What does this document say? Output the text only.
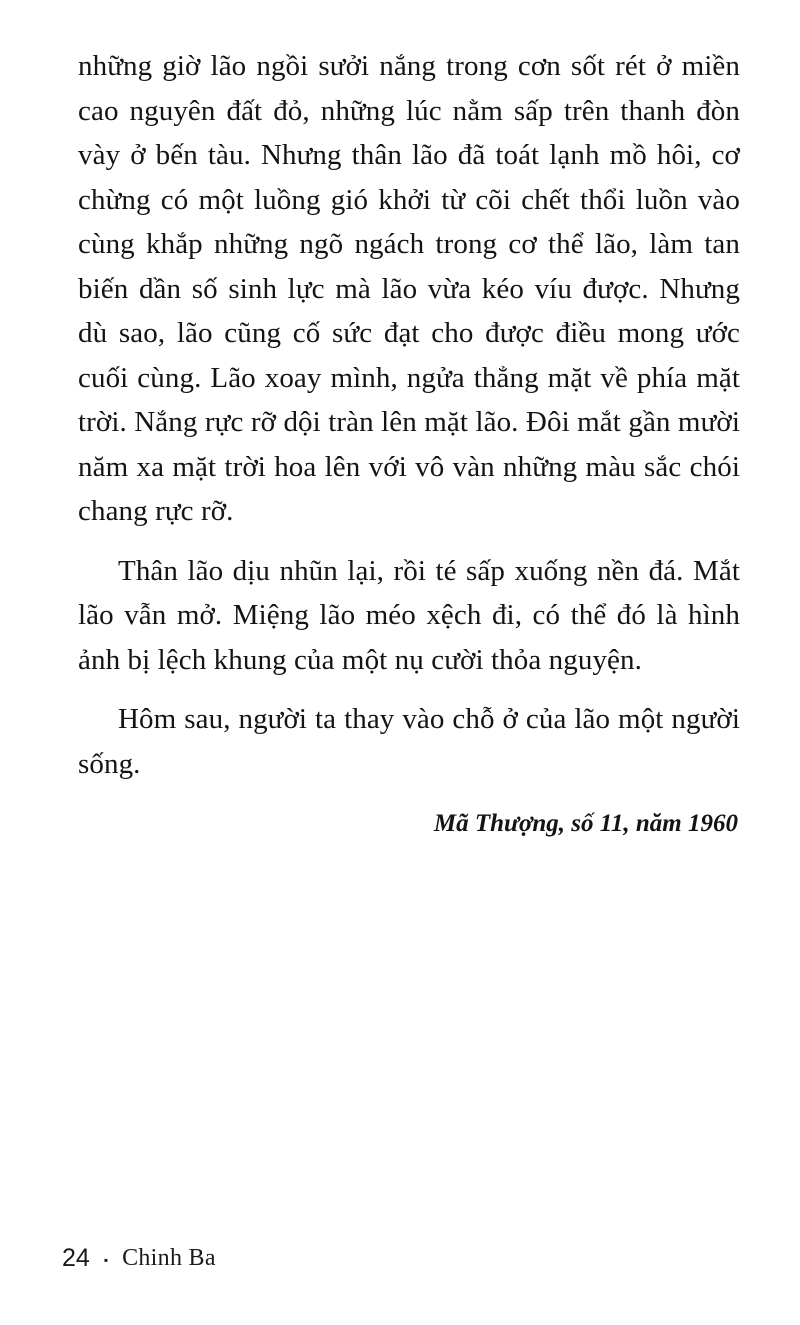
những giờ lão ngồi sưởi nắng trong cơn sốt rét ở miền cao nguyên đất đỏ, những lúc nằm sấp trên thanh đòn vày ở bến tàu. Nhưng thân lão đã toát lạnh mồ hôi, cơ chừng có một luồng gió khởi từ cõi chết thổi luồn vào cùng khắp những ngõ ngách trong cơ thể lão, làm tan biến dần số sinh lực mà lão vừa kéo víu được. Nhưng dù sao, lão cũng cố sức đạt cho được điều mong ước cuối cùng. Lão xoay mình, ngửa thẳng mặt về phía mặt trời. Nắng rực rỡ dội tràn lên mặt lão. Đôi mắt gần mười năm xa mặt trời hoa lên với vô vàn những màu sắc chói chang rực rỡ.

Thân lão dịu nhũn lại, rồi té sấp xuống nền đá. Mắt lão vẫn mở. Miệng lão méo xệch đi, có thể đó là hình ảnh bị lệch khung của một nụ cười thỏa nguyện.

Hôm sau, người ta thay vào chỗ ở của lão một người sống.

Mã Thượng, số 11, năm 1960
24 ▪ Chinh Ba
